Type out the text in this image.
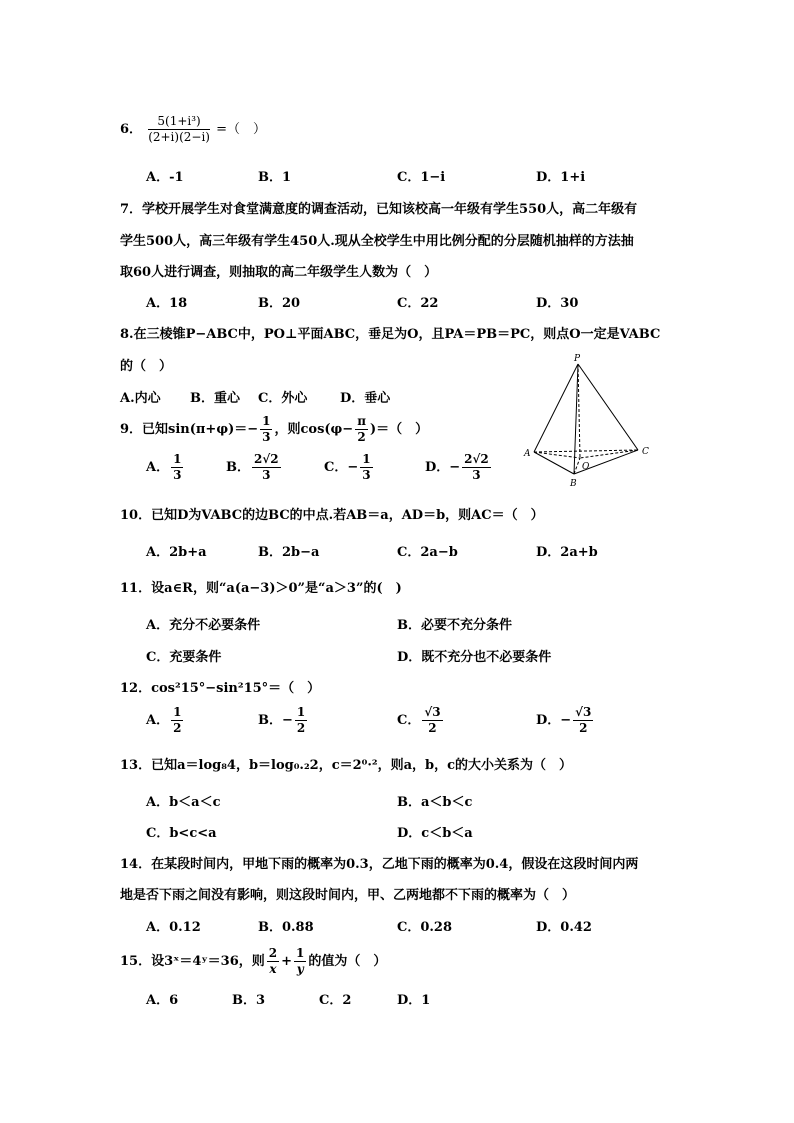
6． $\frac{\text{5(1+i³)}}{(2+i)(2-i)}$ =（　）
A．-1	B．1	C．1−i	D．1+i
7．学校开展学生对食堂满意度的调查活动，已知该校高一年级有学生550人，高二年级有
学生500人，高三年级有学生450人.现从全校学生中用比例分配的分层随机抽样的方法抽
取60人进行调查，则抽取的高二年级学生人数为（　）
A．18	B．20	C．22	D．30
8.在三棱锥P−ABC中，PO⊥平面ABC，垂足为O，且PA＝PB＝PC，则点O一定是VABC
的（　）
A.内心 B．重心 C．外心	D．垂心
P
A
B
C
O
9．已知$\sin(\pi+\varphi)=- \frac{1}{3}$ ，则$\cos(\varphi- \frac{\pi}{2}$ )＝（　）
A． $\frac{1}{3}$	B． $\frac{2√2}{3}$	C．− $\frac{1}{3}$	D．− $\frac{2√2}{3}$
10．已知D为VABC的边BC的中点.若AB＝a，AD＝b，则AC＝（　）
A．2b+a	B．2b−a	C．2a−b	D．2a+b
11．设a∈R，则“a(a−3)＞0”是“a＞3”的(　)
A．充分不必要条件	B．必要不充分条件
C．充要条件	D．既不充分也不必要条件
12．cos²15°−sin²15°＝（　）
A． $\frac{1}{2}$	B．− $\frac{1}{2}$	C． $\frac{√3}{2}$	D．− $\frac{√3}{2}$
13．已知a＝log₈4，b＝log₀.₂2，c＝2⁰·²，则a，b，c的大小关系为（　）
A．b＜a＜c	B．a＜b＜c
C．b<c<a	D．c＜b＜a
14．在某段时间内，甲地下雨的概率为0.3，乙地下雨的概率为0.4，假设在这段时间内两
地是否下雨之间没有影响，则这段时间内，甲、乙两地都不下雨的概率为（　）
A．0.12	B．0.88	C．0.28	D．0.42
15．设3ˣ＝4ʸ＝36，则 $\frac{2}{x} + \frac{1}{y}$ 的值为（　）
A．6	B．3	C．2	D．1
